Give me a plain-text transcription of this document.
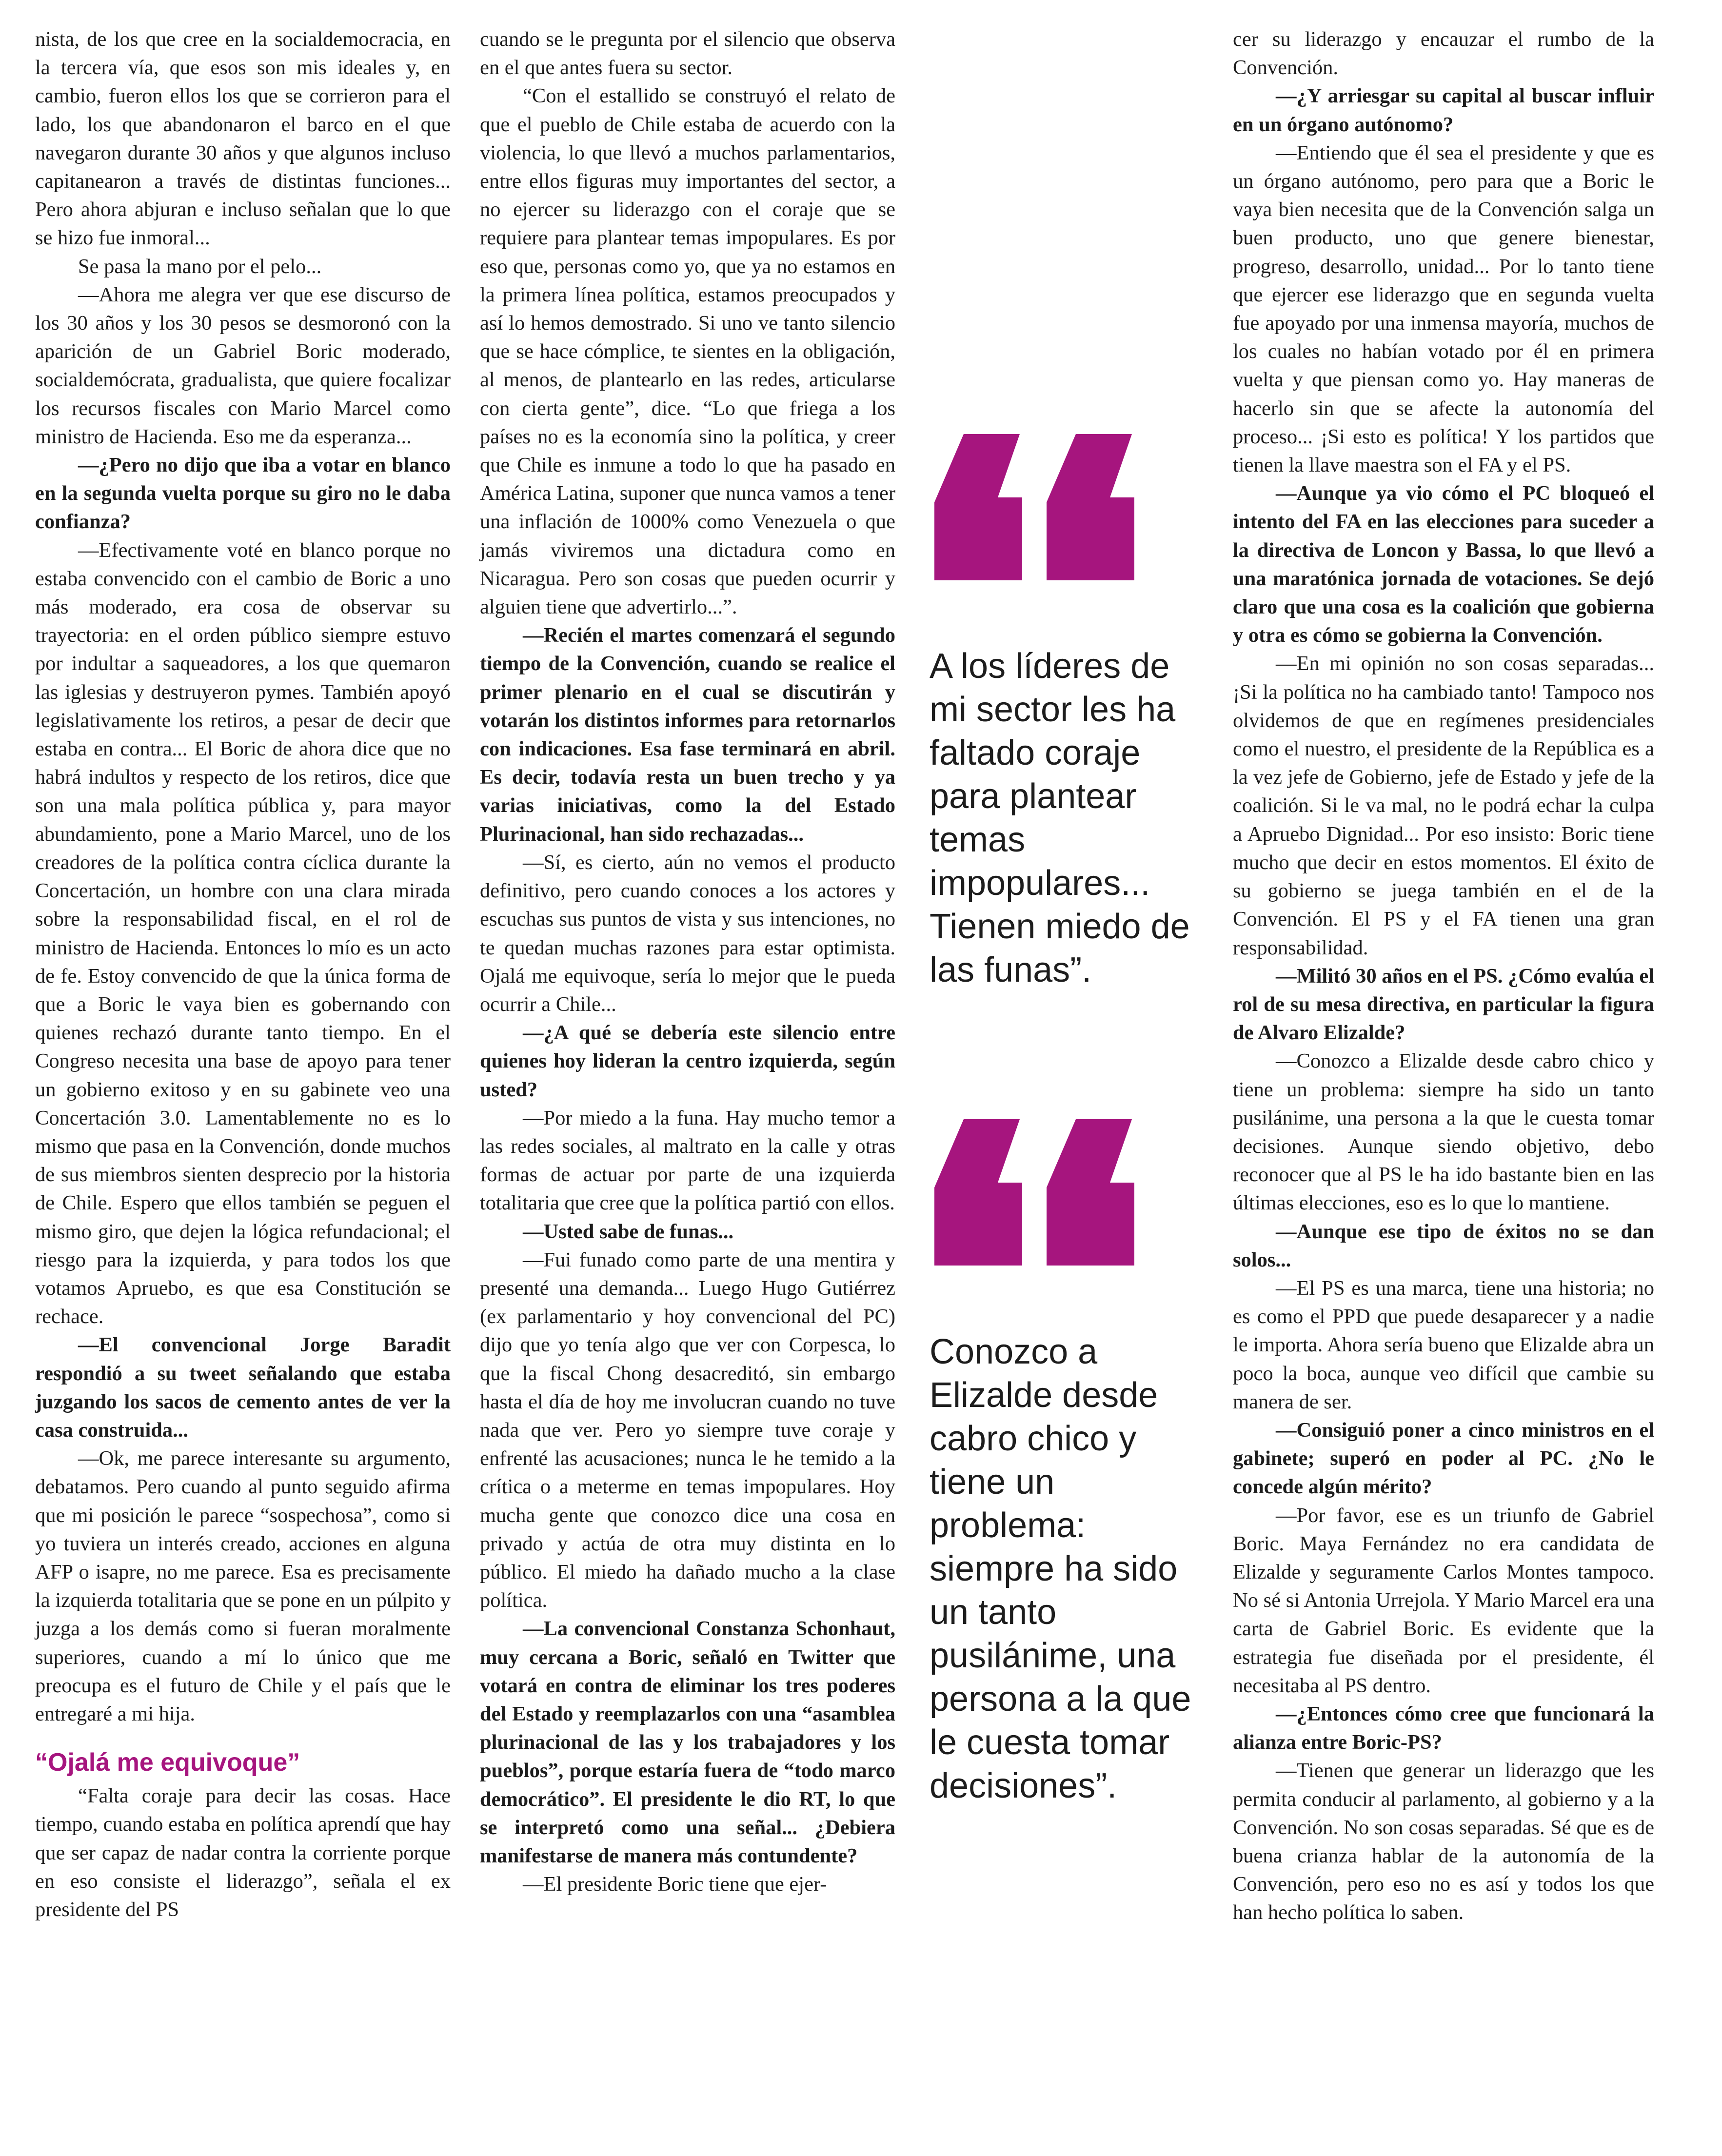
nista, de los que cree en la socialdemocracia, en la tercera vía, que esos son mis ideales y, en cambio, fueron ellos los que se corrieron para el lado, los que abandonaron el barco en el que navegaron durante 30 años y que algunos incluso capitanearon a través de distintas funciones... Pero ahora abjuran e incluso señalan que lo que se hizo fue inmoral...

Se pasa la mano por el pelo...

—Ahora me alegra ver que ese discurso de los 30 años y los 30 pesos se desmoronó con la aparición de un Gabriel Boric moderado, socialdemócrata, gradualista, que quiere focalizar los recursos fiscales con Mario Marcel como ministro de Hacienda. Eso me da esperanza...

—¿Pero no dijo que iba a votar en blanco en la segunda vuelta porque su giro no le daba confianza?

—Efectivamente voté en blanco porque no estaba convencido con el cambio de Boric a uno más moderado, era cosa de observar su trayectoria: en el orden público siempre estuvo por indultar a saqueadores, a los que quemaron las iglesias y destruyeron pymes. También apoyó legislativamente los retiros, a pesar de decir que estaba en contra... El Boric de ahora dice que no habrá indultos y respecto de los retiros, dice que son una mala política pública y, para mayor abundamiento, pone a Mario Marcel, uno de los creadores de la política contra cíclica durante la Concertación, un hombre con una clara mirada sobre la responsabilidad fiscal, en el rol de ministro de Hacienda. Entonces lo mío es un acto de fe. Estoy convencido de que la única forma de que a Boric le vaya bien es gobernando con quienes rechazó durante tanto tiempo. En el Congreso necesita una base de apoyo para tener un gobierno exitoso y en su gabinete veo una Concertación 3.0. Lamentablemente no es lo mismo que pasa en la Convención, donde muchos de sus miembros sienten desprecio por la historia de Chile. Espero que ellos también se peguen el mismo giro, que dejen la lógica refundacional; el riesgo para la izquierda, y para todos los que votamos Apruebo, es que esa Constitución se rechace.

—El convencional Jorge Baradit respondió a su tweet señalando que estaba juzgando los sacos de cemento antes de ver la casa construida...

—Ok, me parece interesante su argumento, debatamos. Pero cuando al punto seguido afirma que mi posición le parece “sospechosa”, como si yo tuviera un interés creado, acciones en alguna AFP o isapre, no me parece. Esa es precisamente la izquierda totalitaria que se pone en un púlpito y juzga a los demás como si fueran moralmente superiores, cuando a mí lo único que me preocupa es el futuro de Chile y el país que le entregaré a mi hija.

“Ojalá me equivoque”

“Falta coraje para decir las cosas. Hace tiempo, cuando estaba en política aprendí que hay que ser capaz de nadar contra la corriente porque en eso consiste el liderazgo”, señala el ex presidente del PS

cuando se le pregunta por el silencio que observa en el que antes fuera su sector.

“Con el estallido se construyó el relato de que el pueblo de Chile estaba de acuerdo con la violencia, lo que llevó a muchos parlamentarios, entre ellos figuras muy importantes del sector, a no ejercer su liderazgo con el coraje que se requiere para plantear temas impopulares. Es por eso que, personas como yo, que ya no estamos en la primera línea política, estamos preocupados y así lo hemos demostrado. Si uno ve tanto silencio que se hace cómplice, te sientes en la obligación, al menos, de plantearlo en las redes, articularse con cierta gente”, dice. “Lo que friega a los países no es la economía sino la política, y creer que Chile es inmune a todo lo que ha pasado en América Latina, suponer que nunca vamos a tener una inflación de 1000% como Venezuela o que jamás viviremos una dictadura como en Nicaragua. Pero son cosas que pueden ocurrir y alguien tiene que advertirlo...”.

—Recién el martes comenzará el segundo tiempo de la Convención, cuando se realice el primer plenario en el cual se discutirán y votarán los distintos informes para retornarlos con indicaciones. Esa fase terminará en abril. Es decir, todavía resta un buen trecho y ya varias iniciativas, como la del Estado Plurinacional, han sido rechazadas...

—Sí, es cierto, aún no vemos el producto definitivo, pero cuando conoces a los actores y escuchas sus puntos de vista y sus intenciones, no te quedan muchas razones para estar optimista. Ojalá me equivoque, sería lo mejor que le pueda ocurrir a Chile...

—¿A qué se debería este silencio entre quienes hoy lideran la centro izquierda, según usted?

—Por miedo a la funa. Hay mucho temor a las redes sociales, al maltrato en la calle y otras formas de actuar por parte de una izquierda totalitaria que cree que la política partió con ellos.

—Usted sabe de funas...

—Fui funado como parte de una mentira y presenté una demanda... Luego Hugo Gutiérrez (ex parlamentario y hoy convencional del PC) dijo que yo tenía algo que ver con Corpesca, lo que la fiscal Chong desacreditó, sin embargo hasta el día de hoy me involucran cuando no tuve nada que ver. Pero yo siempre tuve coraje y enfrenté las acusaciones; nunca le he temido a la crítica o a meterme en temas impopulares. Hoy mucha gente que conozco dice una cosa en privado y actúa de otra muy distinta en lo público. El miedo ha dañado mucho a la clase política.

—La convencional Constanza Schonhaut, muy cercana a Boric, señaló en Twitter que votará en contra de eliminar los tres poderes del Estado y reemplazarlos con una “asamblea plurinacional de las y los trabajadores y los pueblos”, porque estaría fuera de “todo marco democrático”. El presidente le dio RT, lo que se interpretó como una señal... ¿Debiera manifestarse de manera más contundente?

—El presidente Boric tiene que ejer-

cer su liderazgo y encauzar el rumbo de la Convención.

—¿Y arriesgar su capital al buscar influir en un órgano autónomo?

—Entiendo que él sea el presidente y que es un órgano autónomo, pero para que a Boric le vaya bien necesita que de la Convención salga un buen producto, uno que genere bienestar, progreso, desarrollo, unidad... Por lo tanto tiene que ejercer ese liderazgo que en segunda vuelta fue apoyado por una inmensa mayoría, muchos de los cuales no habían votado por él en primera vuelta y que piensan como yo. Hay maneras de hacerlo sin que se afecte la autonomía del proceso... ¡Si esto es política! Y los partidos que tienen la llave maestra son el FA y el PS.

—Aunque ya vio cómo el PC bloqueó el intento del FA en las elecciones para suceder a la directiva de Loncon y Bassa, lo que llevó a una maratónica jornada de votaciones. Se dejó claro que una cosa es la coalición que gobierna y otra es cómo se gobierna la Convención.

—En mi opinión no son cosas separadas... ¡Si la política no ha cambiado tanto! Tampoco nos olvidemos de que en regímenes presidenciales como el nuestro, el presidente de la República es a la vez jefe de Gobierno, jefe de Estado y jefe de la coalición. Si le va mal, no le podrá echar la culpa a Apruebo Dignidad... Por eso insisto: Boric tiene mucho que decir en estos momentos. El éxito de su gobierno se juega también en el de la Convención. El PS y el FA tienen una gran responsabilidad.

—Militó 30 años en el PS. ¿Cómo evalúa el rol de su mesa directiva, en particular la figura de Alvaro Elizalde?

—Conozco a Elizalde desde cabro chico y tiene un problema: siempre ha sido un tanto pusilánime, una persona a la que le cuesta tomar decisiones. Aunque siendo objetivo, debo reconocer que al PS le ha ido bastante bien en las últimas elecciones, eso es lo que lo mantiene.

—Aunque ese tipo de éxitos no se dan solos...

—El PS es una marca, tiene una historia; no es como el PPD que puede desaparecer y a nadie le importa. Ahora sería bueno que Elizalde abra un poco la boca, aunque veo difícil que cambie su manera de ser.

—Consiguió poner a cinco ministros en el gabinete; superó en poder al PC. ¿No le concede algún mérito?

—Por favor, ese es un triunfo de Gabriel Boric. Maya Fernández no era candidata de Elizalde y seguramente Carlos Montes tampoco. No sé si Antonia Urrejola. Y Mario Marcel era una carta de Gabriel Boric. Es evidente que la estrategia fue diseñada por el presidente, él necesitaba al PS dentro.

—¿Entonces cómo cree que funcionará la alianza entre Boric-PS?

—Tienen que generar un liderazgo que les permita conducir al parlamento, al gobierno y a la Convención. No son cosas separadas. Sé que es de buena crianza hablar de la autonomía de la Convención, pero eso no es así y todos los que han hecho política lo saben.

A los líderes de mi sector les ha faltado coraje para plantear temas impopulares... Tienen miedo de las funas”.
Conozco a Elizalde desde cabro chico y tiene un problema: siempre ha sido un tanto pusilánime, una persona a la que le cuesta tomar decisiones”.
